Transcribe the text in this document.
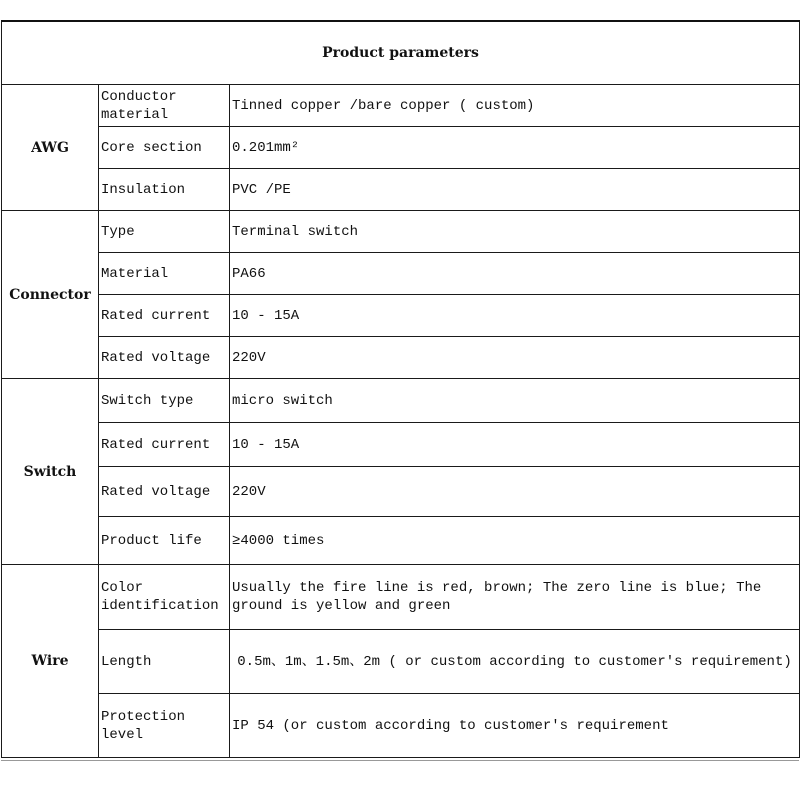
Product parameters		
AWG	Conductor material	Tinned copper /bare copper ( custom)
	Core section	0.201mm²
	Insulation	PVC /PE
Connector	Type	Terminal switch
	Material	PA66
	Rated current	10 - 15A
	Rated voltage	220V
Switch	Switch type	micro switch
	Rated current	10 - 15A
	Rated voltage	220V
	Product life	≥4000 times
Wire	Color identification	Usually the fire line is red, brown; The zero line is blue; The ground is yellow and green
	Length	0.5m、1m、1.5m、2m ( or custom according to customer's requirement)
	Protection level	IP 54 (or custom according to customer's requirement
